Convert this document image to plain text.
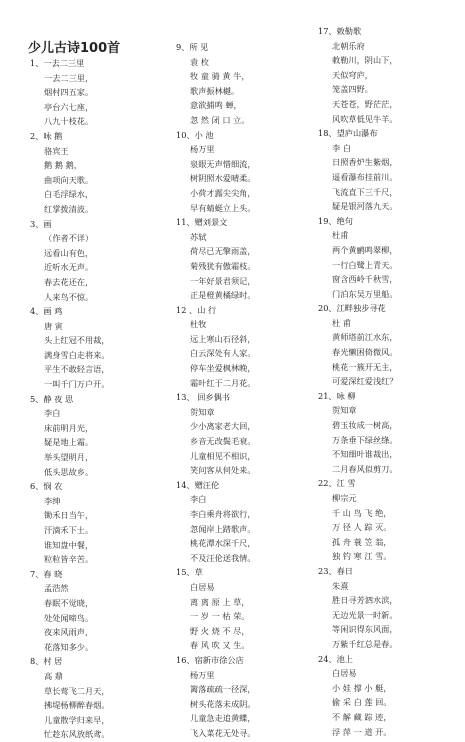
少儿古诗100首
1、一去二三里
一去二三里，
烟村四五家。
亭台六七座，
八九十枝花。
2、咏 鹅
骆宾王
鹅 鹅 鹅，
曲项向天歌。
白毛浮绿水，
红掌拨清波。
3、画
（作者不详）
远看山有色，
近听水无声。
春去花还在，
人来鸟不惊。
4、画 鸡
唐 寅
头上红冠不用裁，
满身雪白走将来。
平生不敢轻言语，
一叫千门万户开。
5、静 夜 思
李白
床前明月光，
疑是地上霜。
举头望明月，
低头思故乡。
6、悯 农
李绅
锄禾日当午，
汗滴禾下土。
谁知盘中餐，
粒粒皆辛苦。
7、春 晓
孟浩然
春眠不觉晓，
处处闻啼鸟。
夜来风雨声，
花落知多少。
8、村 居
高 鼎
草长莺飞二月天，
拂堤杨柳醉春烟。
儿童散学归来早，
忙趁东风放纸鸢。
9、所 见
袁 枚
牧 童 骑 黄 牛，
歌声振林樾。
意欲捕鸣 蝉，
忽 然 闭 口 立。
10、小 池
杨万里
泉眼无声惜细流，
树阴照水爱晴柔。
小荷才露尖尖角，
早有蜻蜓立上头。
11、赠刘景文
苏轼
荷尽已无擎雨盖，
菊残犹有傲霜枝。
一年好景君须记，
正是橙黄橘绿时。
12 、山 行
杜牧
远上寒山石径斜，
白云深处有人家。
停车坐爱枫林晚，
霜叶红于二月花。
13、 回乡偶书
贺知章
少小离家老大回，
乡音无改鬓毛衰。
儿童相见不相识，
笑问客从何处来。
14、赠汪伦
李白
李白乘舟将欲行，
忽闻岸上踏歌声。
桃花潭水深千尺，
不及汪伦送我情。
15、草
白居易
离 离 原 上 草，
一 岁 一 枯 荣。
野 火 烧 不 尽，
春 风 吹 又 生。
16、宿新市徐公店
杨万里
篱落疏疏一径深，
树头花落未成阴。
儿童急走追黄蝶，
飞入菜花无处寻。
17、敕勒歌
北朝乐府
敕勒川，阴山下，
天似穹庐，
笼盖四野。
天苍苍，野茫茫，
风吹草低见牛羊。
18、望庐山瀑布
李 白
日照香炉生紫烟，
遥看瀑布挂前川。
飞流直下三千尺，
疑是银河落九天。
19、绝句
杜甫
两个黄鹂鸣翠柳，
一行白鹭上青天。
窗含西岭千秋雪，
门泊东吴万里船。
20、江畔独步寻花
杜 甫
黄师塔前江水东，
春光懒困倚微风。
桃花一簇开无主，
可爱深红爱浅红？
21、咏 柳
贺知章
碧玉妆成一树高，
万条垂下绿丝绦。
不知细叶谁裁出，
二月春风似剪刀。
22、江 雪
柳宗元
千 山 鸟 飞 绝，
万 径 人 踪 灭。
孤 舟 蓑 笠 翁，
独 钓 寒 江 雪。
23、春日
朱熹
胜日寻芳泗水滨，
无边光景一时新。
等闲识得东风面，
万紫千红总是春。
24、池上
白居易
小 娃 撑 小 艇，
偷 采 白 莲 回。
不 解 藏 踪 迹，
浮 萍 一 道 开。
